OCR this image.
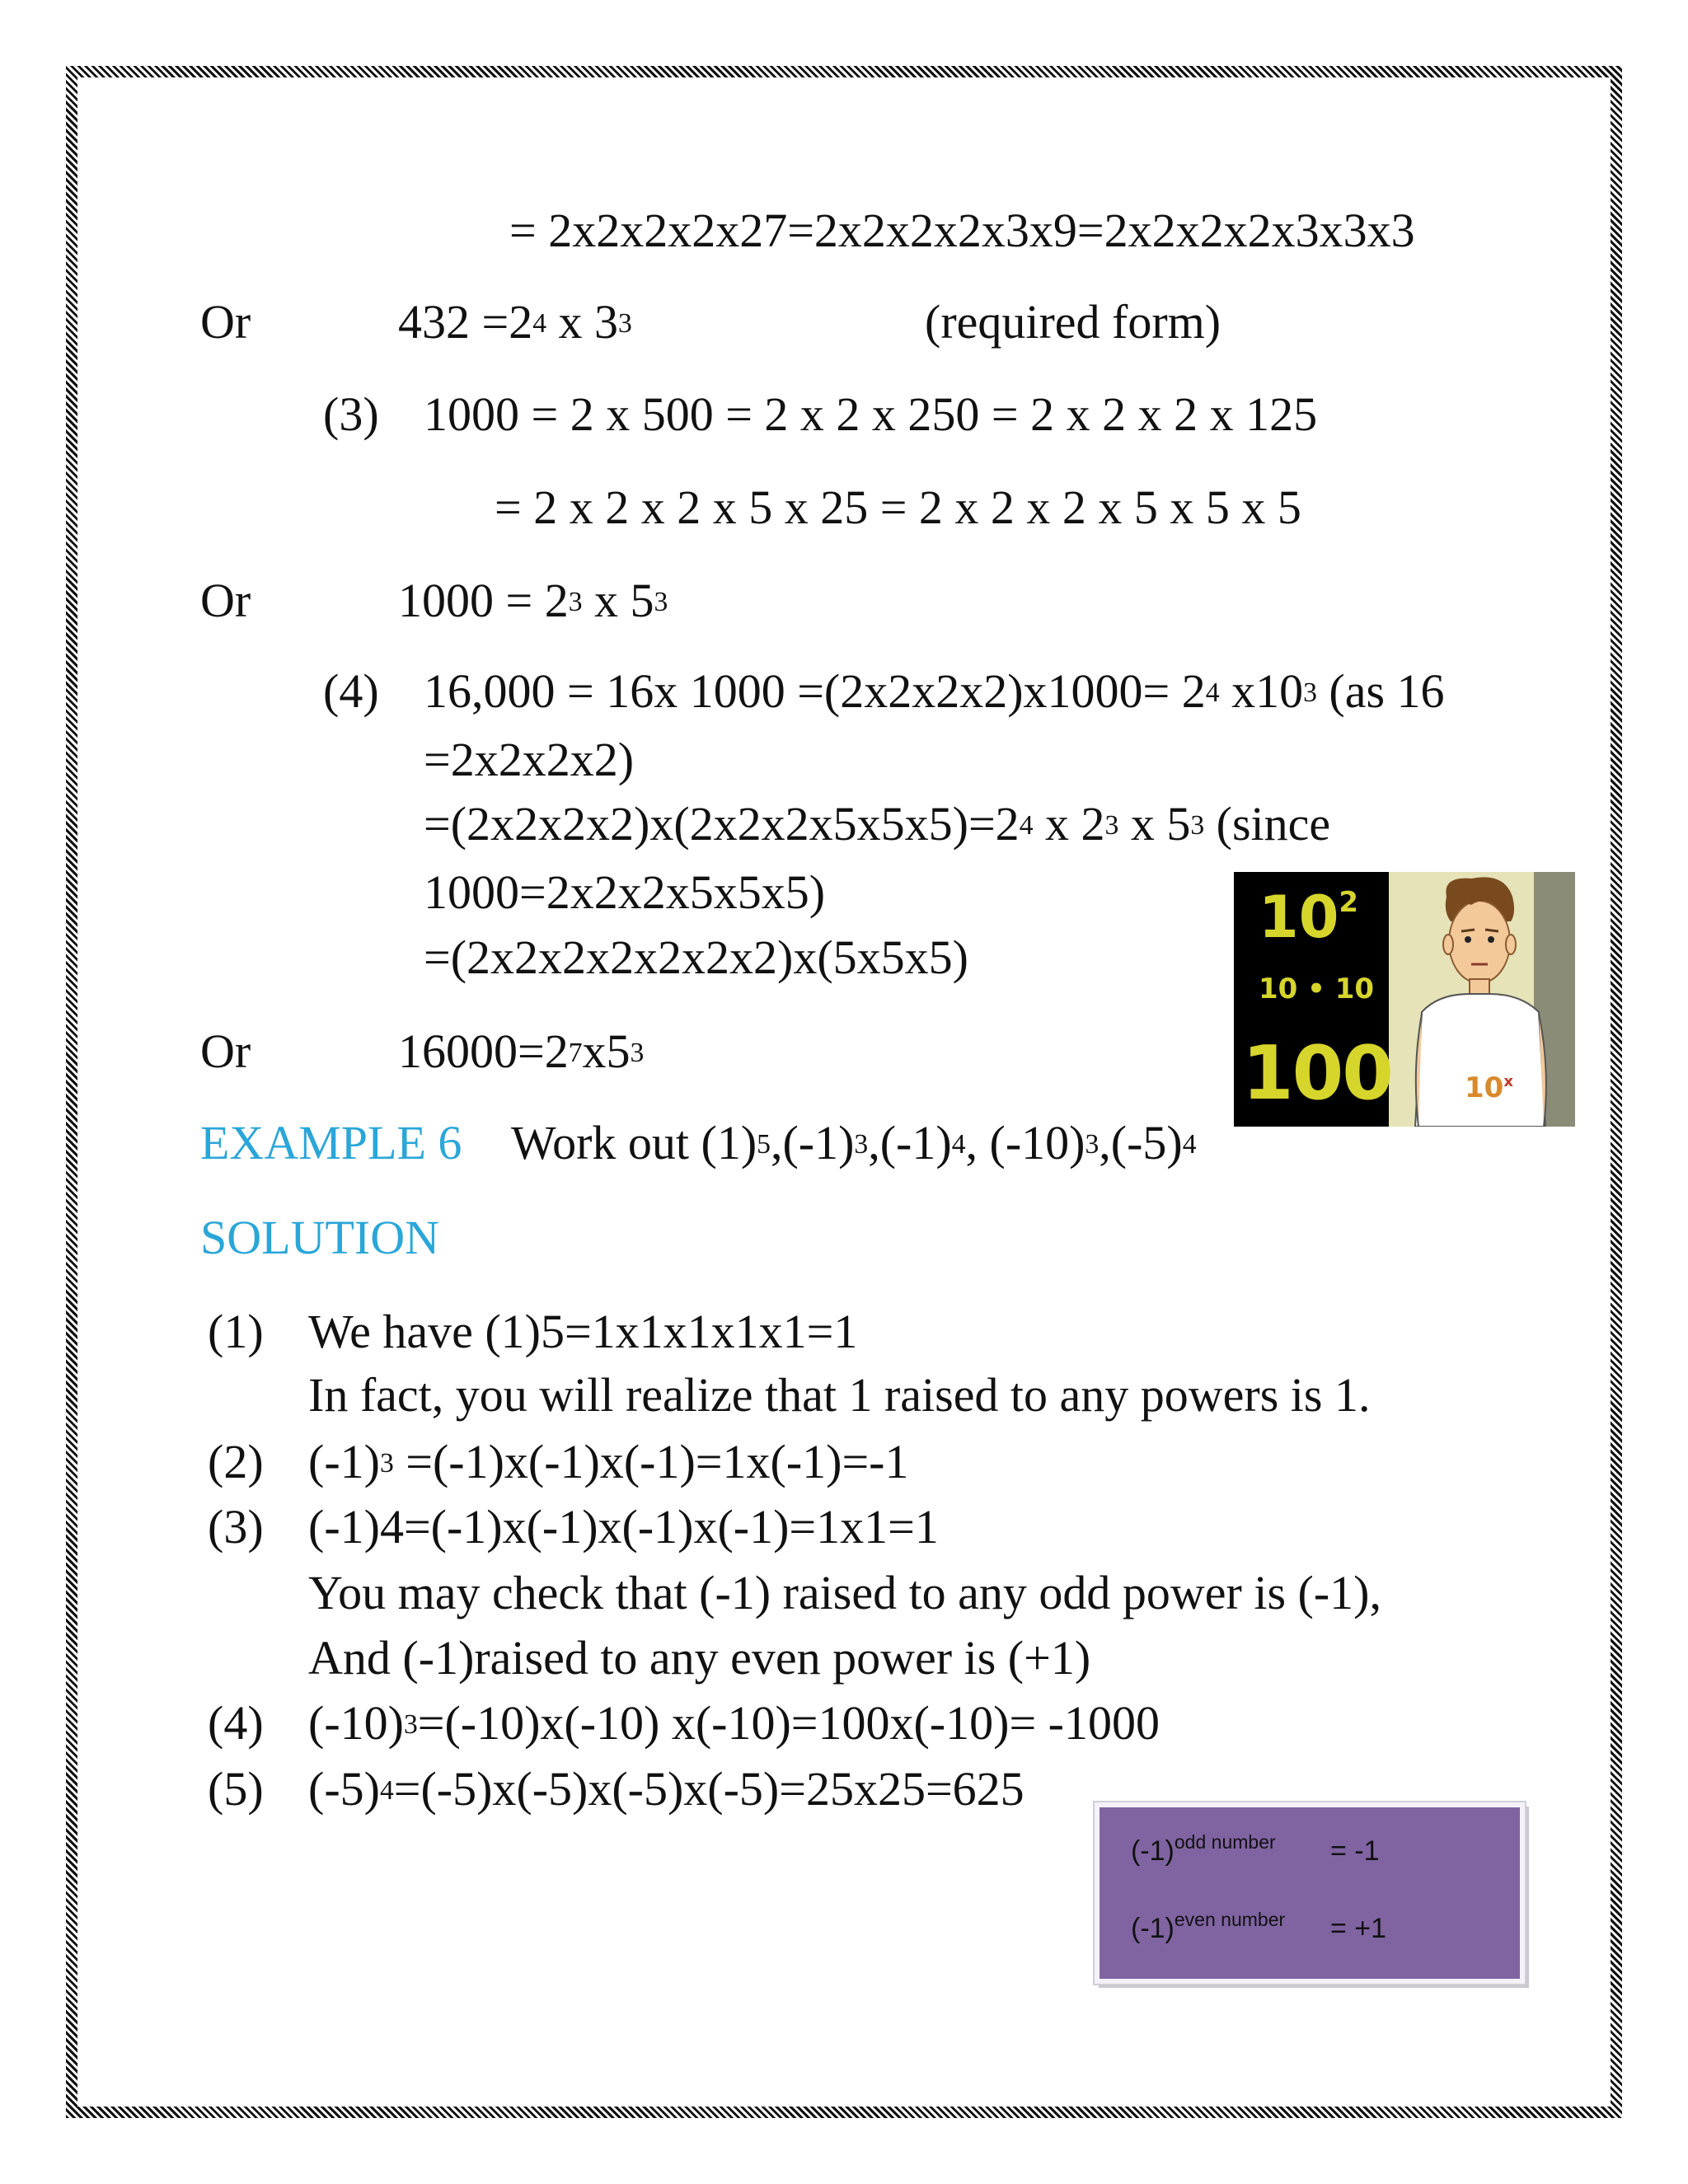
= 2x2x2x2x27=2x2x2x2x3x9=2x2x2x2x3x3x3
Or	$432 =2^4$ x $3^3$	(required form)
(3) 1000 = 2 x 500 = 2 x 2 x 250 = 2 x 2 x 2 x 125
= 2 x 2 x 2 x 5 x 25 = 2 x 2 x 2 x 5 x 5 x 5
Or	$1000 = 2^3$ x $5^3$
(4) 16,000 = 16x $1000 =(2x2x2x2)x1000= 2^4$ $x10^3$ (as 16
=2x2x2x2)
$=(2x2x2x2)x(2x2x2x5x5x5)=2^4$ x $2^3$ x $5^3$ (since
1000=2x2x2x5x5x5)
=(2x2x2x2x2x2x2)x(5x5x5)
Or	$16000=2^7x5^3$
$10^2$
10 • 10
100	10$^x$
EXAMPLE 6 Work out $(1)^5,(-1)^3,(-1)^4$, $(-10)^3,(-5)^4$
SOLUTION
(1) We have (1)5=1x1x1x1x1=1
In fact, you will realize that 1 raised to any powers is 1.
(2) $(-1)^3 =(-1)x(-1)x(-1)=1x(-1)=-1$
(3) (-1)4=(-1)x(-1)x(-1)x(-1)=1x1=1
You may check that (-1) raised to any odd power is (-1),
And (-1)raised to any even power is (+1)
(4) $(-10)^3=(-10)x(-10)$ x(-10)=100x(-10)= -1000
(5) $(-5)^4=(-5)x(-5)x(-5)x(-5)=25x25=625$
$(-1)^{odd number} = -1$
$(-1)^{even number} = +1$
